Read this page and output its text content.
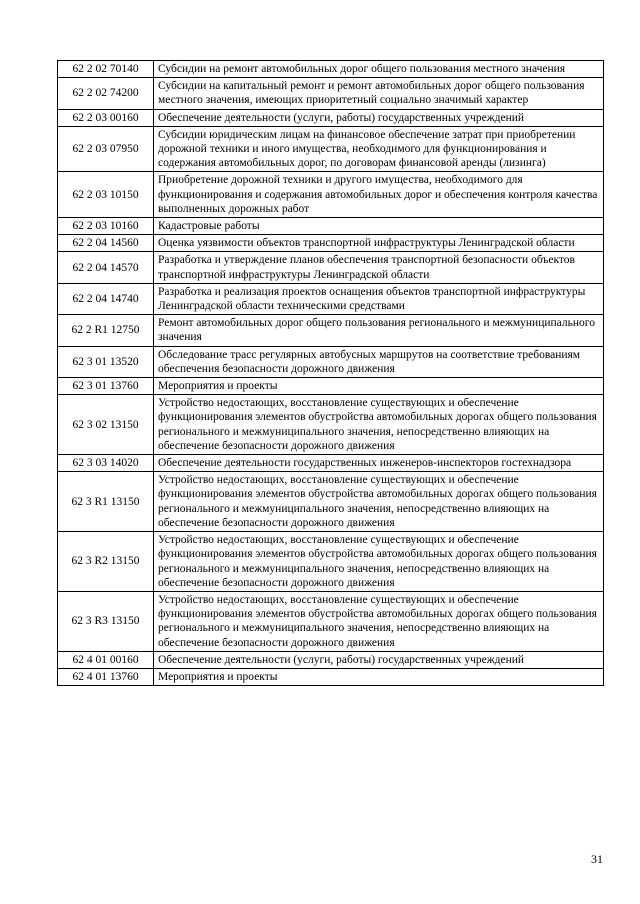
62 2 02 70140	Субсидии на ремонт автомобильных дорог общего пользования местного значения
62 2 02 74200	Субсидии на капитальный ремонт и ремонт автомобильных дорог общего пользования местного значения, имеющих приоритетный социально значимый характер
62 2 03 00160	Обеспечение деятельности (услуги, работы) государственных учреждений
62 2 03 07950	Субсидии юридическим лицам на финансовое обеспечение затрат при приобретении дорожной техники и иного имущества, необходимого для функционирования и содержания автомобильных дорог, по договорам финансовой аренды (лизинга)
62 2 03 10150	Приобретение дорожной техники и другого имущества, необходимого для функционирования и содержания автомобильных дорог и обеспечения контроля качества выполненных дорожных работ
62 2 03 10160	Кадастровые работы
62 2 04 14560	Оценка уязвимости объектов транспортной инфраструктуры Ленинградской области
62 2 04 14570	Разработка и утверждение планов обеспечения транспортной безопасности объектов транспортной инфраструктуры Ленинградской области
62 2 04 14740	Разработка и реализация проектов оснащения объектов транспортной инфраструктуры Ленинградской области техническими средствами
62 2 R1 12750	Ремонт автомобильных дорог общего пользования регионального и межмуниципального значения
62 3 01 13520	Обследование трасс регулярных автобусных маршрутов на соответствие требованиям обеспечения безопасности дорожного движения
62 3 01 13760	Мероприятия и проекты
62 3 02 13150	Устройство недостающих, восстановление существующих и обеспечение функционирования элементов обустройства автомобильных дорогах общего пользования регионального и межмуниципального значения, непосредственно влияющих на обеспечение безопасности дорожного движения
62 3 03 14020	Обеспечение деятельности государственных инженеров-инспекторов гостехнадзора
62 3 R1 13150	Устройство недостающих, восстановление существующих и обеспечение функционирования элементов обустройства автомобильных дорогах общего пользования регионального и межмуниципального значения, непосредственно влияющих на обеспечение безопасности дорожного движения
62 3 R2 13150	Устройство недостающих, восстановление существующих и обеспечение функционирования элементов обустройства автомобильных дорогах общего пользования регионального и межмуниципального значения, непосредственно влияющих на обеспечение безопасности дорожного движения
62 3 R3 13150	Устройство недостающих, восстановление существующих и обеспечение функционирования элементов обустройства автомобильных дорогах общего пользования регионального и межмуниципального значения, непосредственно влияющих на обеспечение безопасности дорожного движения
62 4 01 00160	Обеспечение деятельности (услуги, работы) государственных учреждений
62 4 01 13760	Мероприятия и проекты
31
